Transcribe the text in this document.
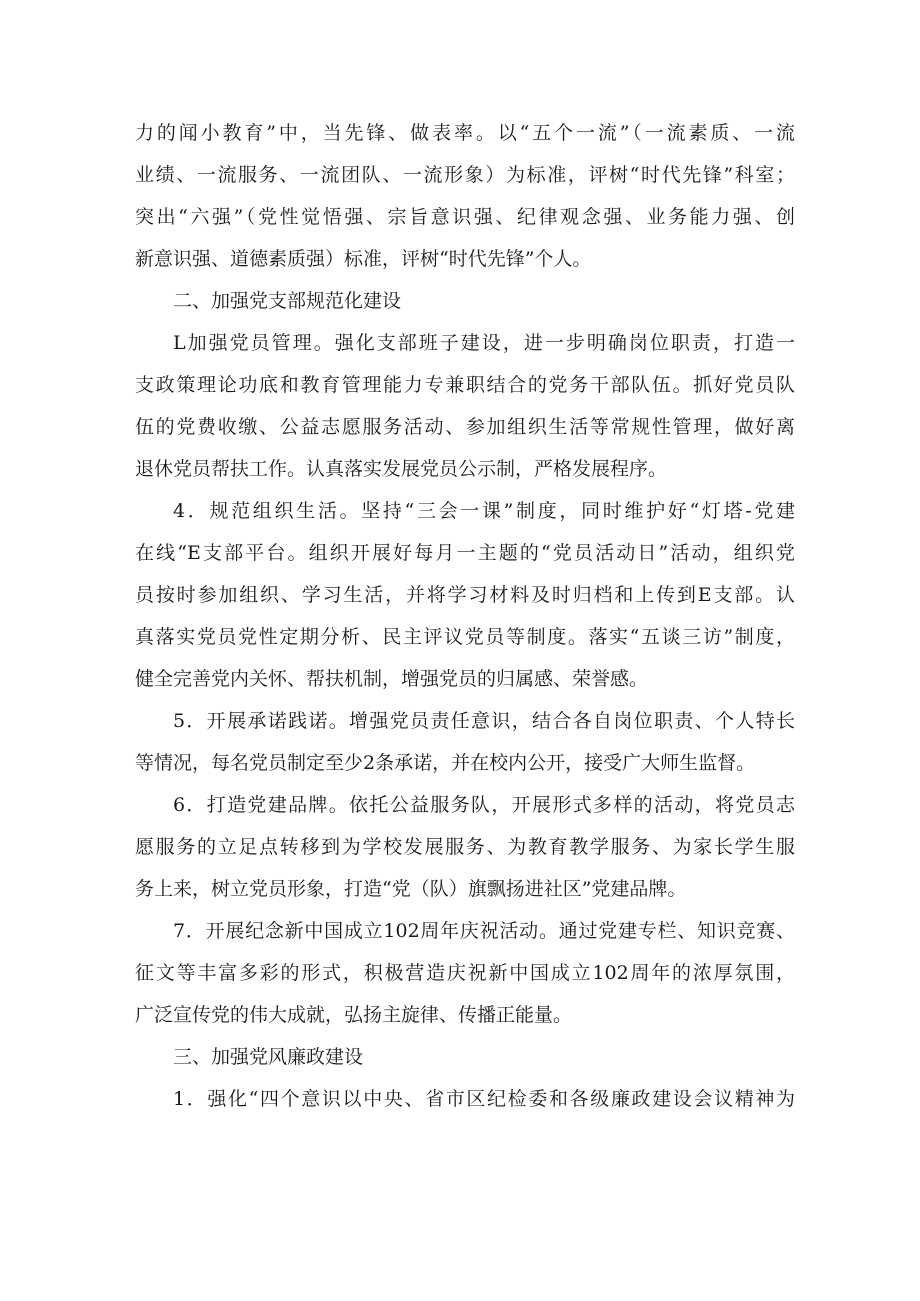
力的闻小教育”中，当先锋、做表率。以“五个一流”（一流素质、一流
业绩、一流服务、一流团队、一流形象）为标准，评树“时代先锋”科室；
突出“六强”（党性觉悟强、宗旨意识强、纪律观念强、业务能力强、创
新意识强、道德素质强）标准，评树“时代先锋”个人。
二、加强党支部规范化建设
L加强党员管理。强化支部班子建设，进一步明确岗位职责，打造一
支政策理论功底和教育管理能力专兼职结合的党务干部队伍。抓好党员队
伍的党费收缴、公益志愿服务活动、参加组织生活等常规性管理，做好离
退休党员帮扶工作。认真落实发展党员公示制，严格发展程序。
4．规范组织生活。坚持“三会一课”制度，同时维护好“灯塔-党建
在线“E支部平台。组织开展好每月一主题的“党员活动日”活动，组织党
员按时参加组织、学习生活，并将学习材料及时归档和上传到E支部。认
真落实党员党性定期分析、民主评议党员等制度。落实“五谈三访”制度，
健全完善党内关怀、帮扶机制，增强党员的归属感、荣誉感。
5．开展承诺践诺。增强党员责任意识，结合各自岗位职责、个人特长
等情况，每名党员制定至少2条承诺，并在校内公开，接受广大师生监督。
6．打造党建品牌。依托公益服务队，开展形式多样的活动，将党员志
愿服务的立足点转移到为学校发展服务、为教育教学服务、为家长学生服
务上来，树立党员形象，打造“党（队）旗飘扬进社区”党建品牌。
7．开展纪念新中国成立102周年庆祝活动。通过党建专栏、知识竞赛、
征文等丰富多彩的形式，积极营造庆祝新中国成立102周年的浓厚氛围，
广泛宣传党的伟大成就，弘扬主旋律、传播正能量。
三、加强党风廉政建设
1．强化“四个意识以中央、省市区纪检委和各级廉政建设会议精神为
